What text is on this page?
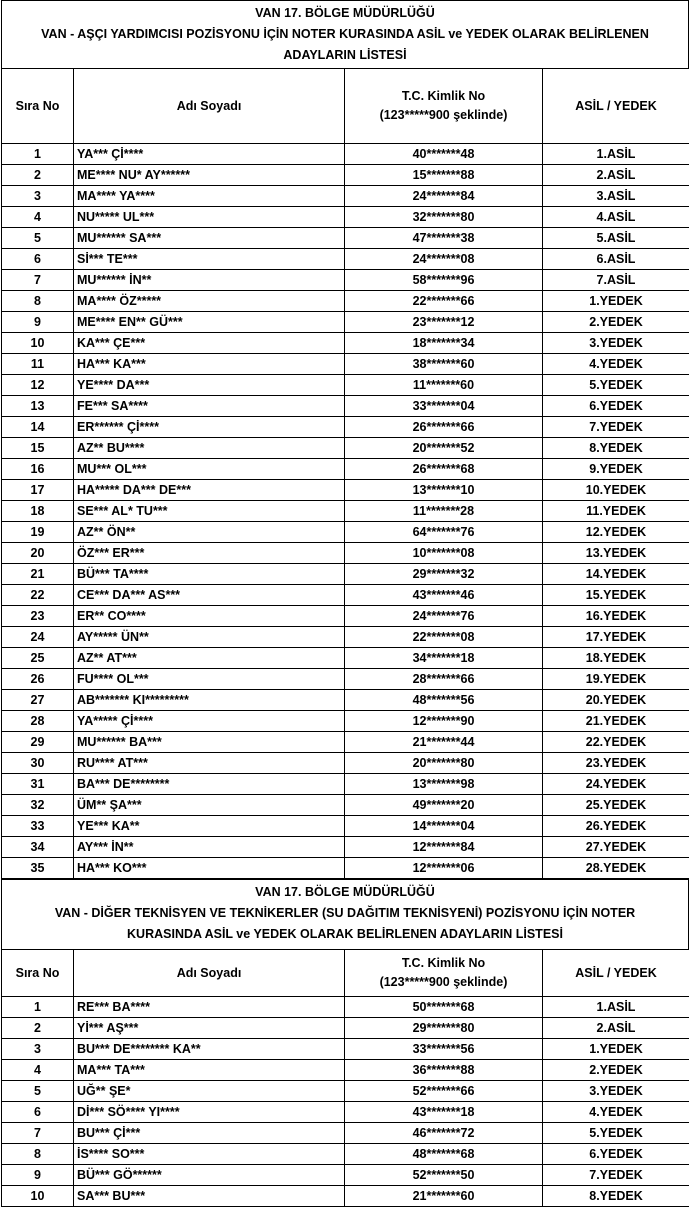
VAN 17. BÖLGE MÜDÜRLÜĞÜ
VAN - AŞÇI YARDIMCISI POZİSYONU İÇİN NOTER KURASINDA ASİL ve YEDEK OLARAK BELİRLENEN
ADAYLARIN LİSTESİ
Sıra No	Adı Soyadı	T.C. Kimlik No
(123*****900 şeklinde)	ASİL / YEDEK
1	YA*** Çİ****	40*******48	1.ASİL
2	ME**** NU* AY******	15*******88	2.ASİL
3	MA**** YA****	24*******84	3.ASİL
4	NU***** UL***	32*******80	4.ASİL
5	MU****** SA***	47*******38	5.ASİL
6	Sİ*** TE***	24*******08	6.ASİL
7	MU****** İN**	58*******96	7.ASİL
8	MA**** ÖZ*****	22*******66	1.YEDEK
9	ME**** EN** GÜ***	23*******12	2.YEDEK
10	KA*** ÇE***	18*******34	3.YEDEK
11	HA*** KA***	38*******60	4.YEDEK
12	YE**** DA***	11*******60	5.YEDEK
13	FE*** SA****	33*******04	6.YEDEK
14	ER****** Çİ****	26*******66	7.YEDEK
15	AZ** BU****	20*******52	8.YEDEK
16	MU*** OL***	26*******68	9.YEDEK
17	HA***** DA*** DE***	13*******10	10.YEDEK
18	SE*** AL* TU***	11*******28	11.YEDEK
19	AZ** ÖN**	64*******76	12.YEDEK
20	ÖZ*** ER***	10*******08	13.YEDEK
21	BÜ*** TA****	29*******32	14.YEDEK
22	CE*** DA*** AS***	43*******46	15.YEDEK
23	ER** CO****	24*******76	16.YEDEK
24	AY***** ÜN**	22*******08	17.YEDEK
25	AZ** AT***	34*******18	18.YEDEK
26	FU**** OL***	28*******66	19.YEDEK
27	AB******* KI*********	48*******56	20.YEDEK
28	YA***** Çİ****	12*******90	21.YEDEK
29	MU****** BA***	21*******44	22.YEDEK
30	RU**** AT***	20*******80	23.YEDEK
31	BA*** DE********	13*******98	24.YEDEK
32	ÜM** ŞA***	49*******20	25.YEDEK
33	YE*** KA**	14*******04	26.YEDEK
34	AY*** İN**	12*******84	27.YEDEK
35	HA*** KO***	12*******06	28.YEDEK
VAN 17. BÖLGE MÜDÜRLÜĞÜ
VAN - DİĞER TEKNİSYEN VE TEKNİKERLER (SU DAĞITIM TEKNİSYENİ) POZİSYONU İÇİN NOTER
KURASINDA ASİL ve YEDEK OLARAK BELİRLENEN ADAYLARIN LİSTESİ
Sıra No	Adı Soyadı	T.C. Kimlik No
(123*****900 şeklinde)	ASİL / YEDEK
1	RE*** BA****	50*******68	1.ASİL
2	Yİ*** AŞ***	29*******80	2.ASİL
3	BU*** DE******** KA**	33*******56	1.YEDEK
4	MA*** TA***	36*******88	2.YEDEK
5	UĞ** ŞE*	52*******66	3.YEDEK
6	Dİ*** SÖ**** YI****	43*******18	4.YEDEK
7	BU*** Çİ***	46*******72	5.YEDEK
8	İS**** SO***	48*******68	6.YEDEK
9	BÜ*** GÖ******	52*******50	7.YEDEK
10	SA*** BU***	21*******60	8.YEDEK
